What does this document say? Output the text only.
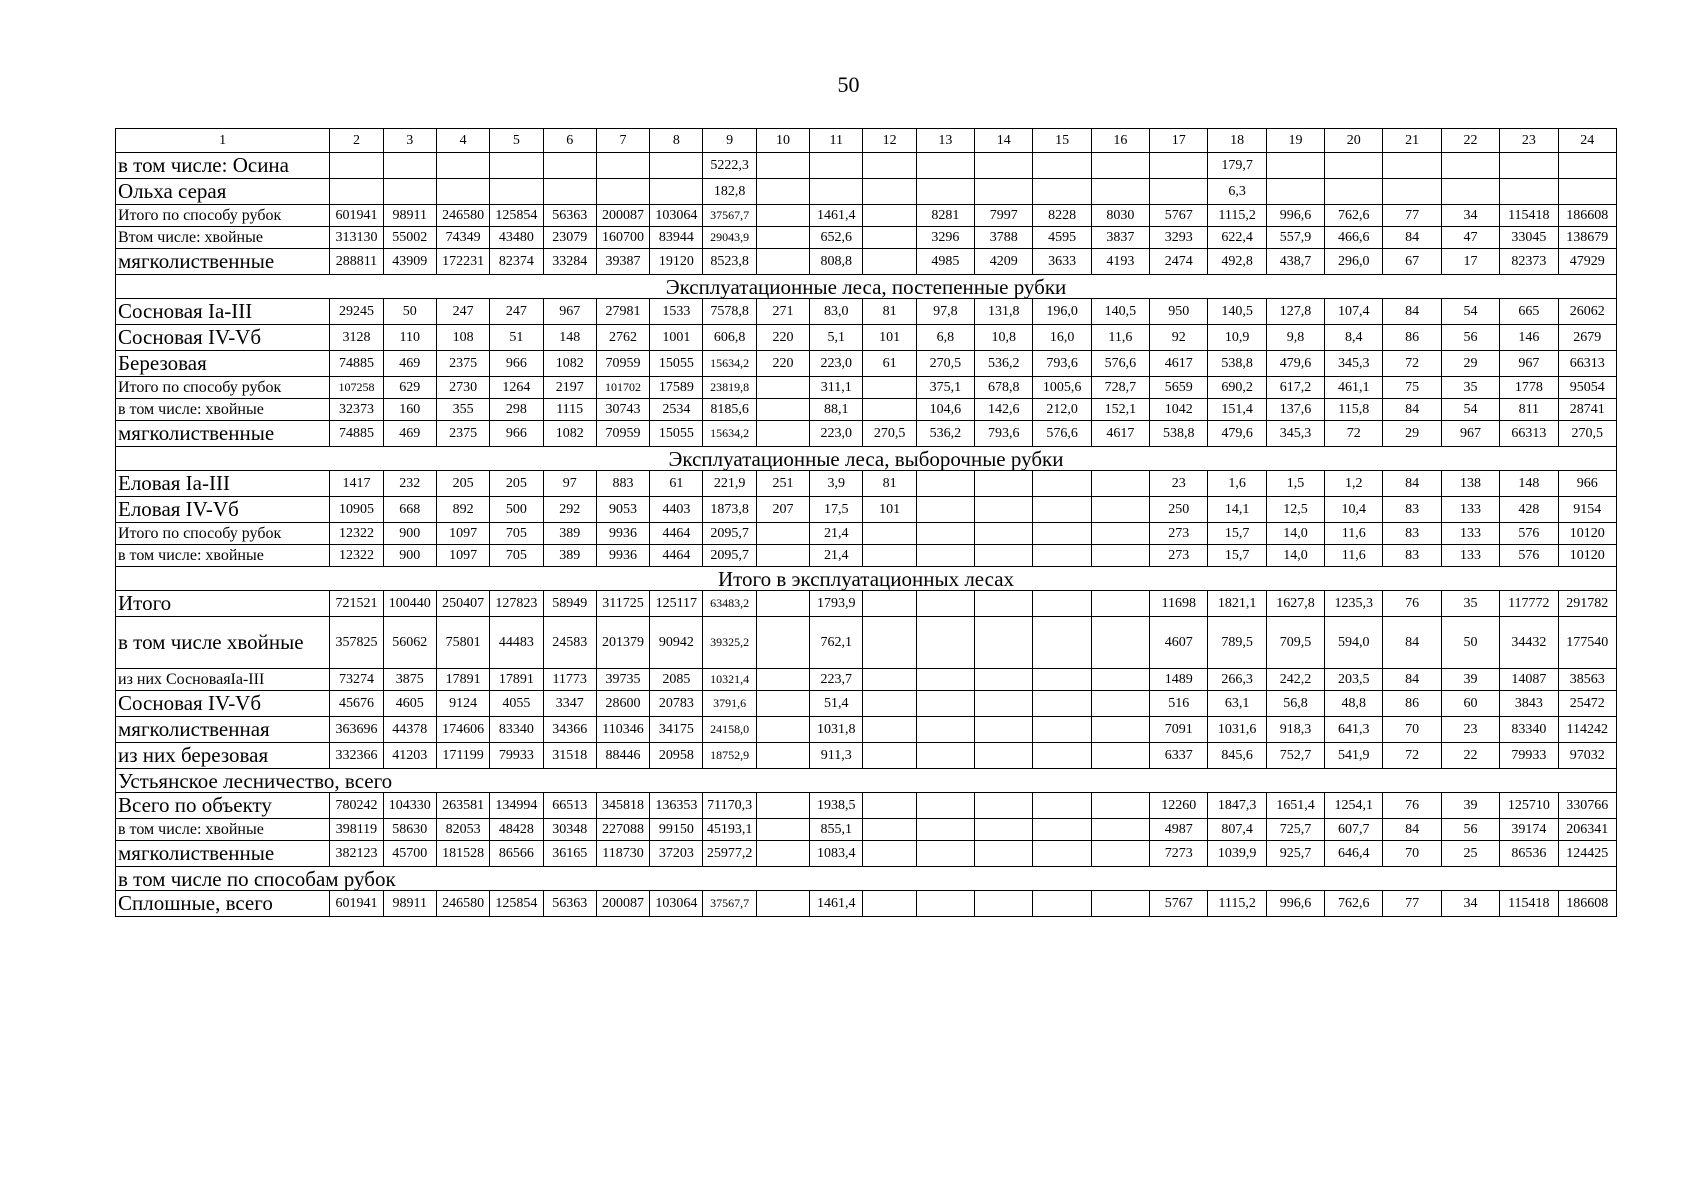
50
1	2	3	4	5	6	7	8	9	10	11	12	13	14	15	16	17	18	19	20	21	22	23	24
в том числе: Осина								5222,3									179,7						
Ольха серая								182,8									6,3						
Итого по способу рубок	601941	98911	246580	125854	56363	200087	103064	37567,7		1461,4		8281	7997	8228	8030	5767	1115,2	996,6	762,6	77	34	115418	186608
Втом числе: хвойные	313130	55002	74349	43480	23079	160700	83944	29043,9		652,6		3296	3788	4595	3837	3293	622,4	557,9	466,6	84	47	33045	138679
мягколиственные	288811	43909	172231	82374	33284	39387	19120	8523,8		808,8		4985	4209	3633	4193	2474	492,8	438,7	296,0	67	17	82373	47929
Эксплуатационные леса, постепенные рубки																							
Сосновая Ia-III	29245	50	247	247	967	27981	1533	7578,8	271	83,0	81	97,8	131,8	196,0	140,5	950	140,5	127,8	107,4	84	54	665	26062
Сосновая IV-Vб	3128	110	108	51	148	2762	1001	606,8	220	5,1	101	6,8	10,8	16,0	11,6	92	10,9	9,8	8,4	86	56	146	2679
Березовая	74885	469	2375	966	1082	70959	15055	15634,2	220	223,0	61	270,5	536,2	793,6	576,6	4617	538,8	479,6	345,3	72	29	967	66313
Итого по способу рубок	107258	629	2730	1264	2197	101702	17589	23819,8		311,1		375,1	678,8	1005,6	728,7	5659	690,2	617,2	461,1	75	35	1778	95054
в том числе: хвойные	32373	160	355	298	1115	30743	2534	8185,6		88,1		104,6	142,6	212,0	152,1	1042	151,4	137,6	115,8	84	54	811	28741
мягколиственные	74885	469	2375	966	1082	70959	15055	15634,2		223,0	270,5	536,2	793,6	576,6	4617	538,8	479,6	345,3	72	29	967	66313	270,5
Эксплуатационные леса, выборочные рубки																							
Еловая Ia-III	1417	232	205	205	97	883	61	221,9	251	3,9	81					23	1,6	1,5	1,2	84	138	148	966
Еловая IV-Vб	10905	668	892	500	292	9053	4403	1873,8	207	17,5	101					250	14,1	12,5	10,4	83	133	428	9154
Итого по способу рубок	12322	900	1097	705	389	9936	4464	2095,7		21,4						273	15,7	14,0	11,6	83	133	576	10120
в том числе: хвойные	12322	900	1097	705	389	9936	4464	2095,7		21,4						273	15,7	14,0	11,6	83	133	576	10120
Итого в эксплуатационных лесах																							
Итого	721521	100440	250407	127823	58949	311725	125117	63483,2		1793,9						11698	1821,1	1627,8	1235,3	76	35	117772	291782
в том числе хвойные	357825	56062	75801	44483	24583	201379	90942	39325,2		762,1						4607	789,5	709,5	594,0	84	50	34432	177540
из них СосноваяIa-III	73274	3875	17891	17891	11773	39735	2085	10321,4		223,7						1489	266,3	242,2	203,5	84	39	14087	38563
Сосновая IV-Vб	45676	4605	9124	4055	3347	28600	20783	3791,6		51,4						516	63,1	56,8	48,8	86	60	3843	25472
мягколиственная	363696	44378	174606	83340	34366	110346	34175	24158,0		1031,8						7091	1031,6	918,3	641,3	70	23	83340	114242
из них березовая	332366	41203	171199	79933	31518	88446	20958	18752,9		911,3						6337	845,6	752,7	541,9	72	22	79933	97032
Устьянское лесничество, всего																							
Всего по объекту	780242	104330	263581	134994	66513	345818	136353	71170,3		1938,5						12260	1847,3	1651,4	1254,1	76	39	125710	330766
в том числе: хвойные	398119	58630	82053	48428	30348	227088	99150	45193,1		855,1						4987	807,4	725,7	607,7	84	56	39174	206341
мягколиственные	382123	45700	181528	86566	36165	118730	37203	25977,2		1083,4						7273	1039,9	925,7	646,4	70	25	86536	124425
в том числе по способам рубок																							
Сплошные, всего	601941	98911	246580	125854	56363	200087	103064	37567,7		1461,4						5767	1115,2	996,6	762,6	77	34	115418	186608
